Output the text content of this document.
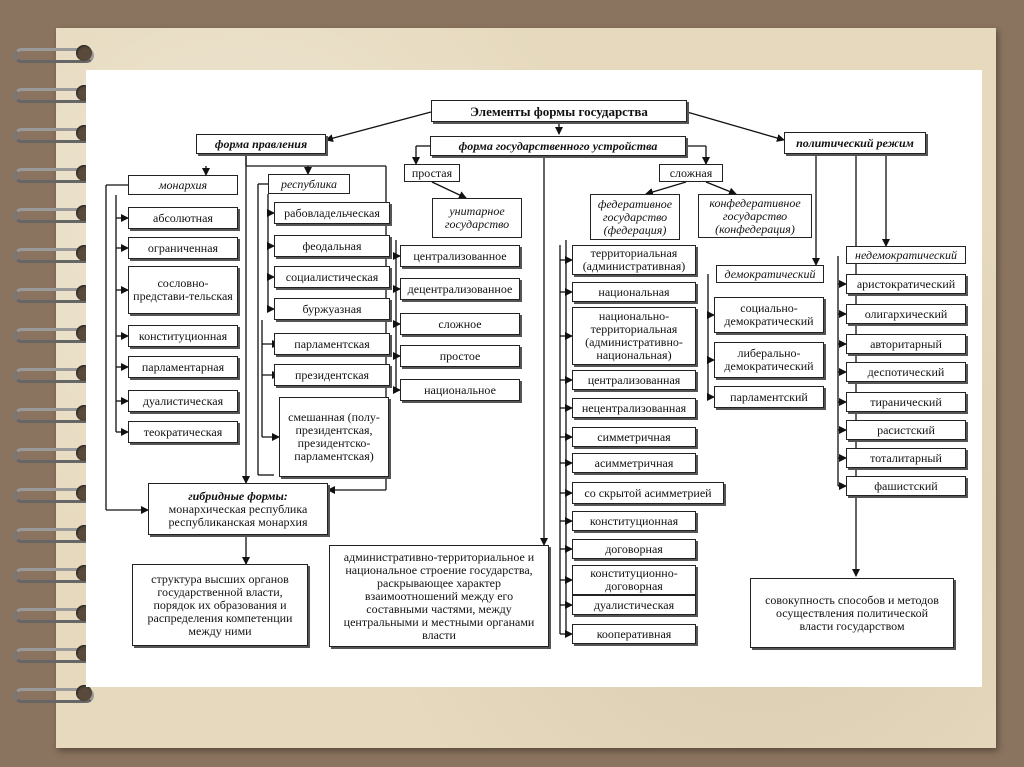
Элементы формы государства
форма правления	форма государственного устройства	политический режим
монархия
абсолютная
ограниченная
сословно-представи-тельская
конституционная
парламентарная
дуалистическая
теократическая
республика
рабовладельческая
феодальная
социалистическая
буржуазная
парламентская
президентская
смешанная (полу-президентская, президентско-парламентская)
гибридные формы:
монархическая республика
республиканская монархия
структура высших органов государственной власти, порядок их образования и распределения компетенции между ними
простая
унитарное государство
централизованное
децентрализованное
сложное
простое
национальное
сложная
федеративное государство (федерация)
конфедеративное государство (конфедерация)
территориальная (административная)
национальная
национально-территориальная (административно-национальная)
централизованная
нецентрализованная
симметричная
асимметричная
со скрытой асимметрией
конституционная
договорная
конституционно-договорная
дуалистическая
кооперативная
административно-территориальное и национальное строение государства, раскрывающее характер взаимоотношений между его составными частями, между центральными и местными органами власти
демократический
социально-демократический
либерально-демократический
парламентский
недемократический
аристократический
олигархический
авторитарный
деспотический
тиранический
расистский
тоталитарный
фашистский
совокупность способов и методов осуществления политической власти государством
